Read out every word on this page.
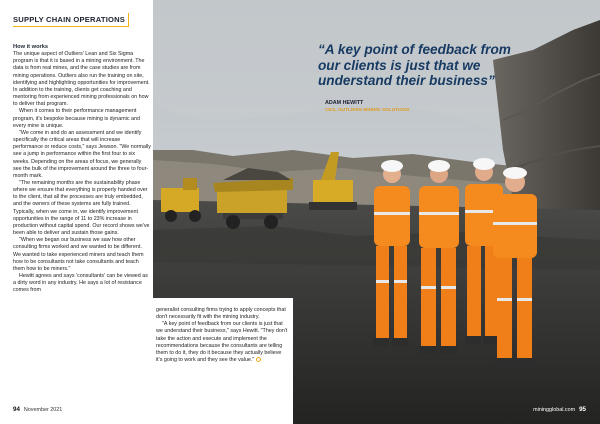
SUPPLY CHAIN OPERATIONS
How it works

The unique aspect of Outliers' Lean and Six Sigma program is that it is based in a mining environment. The data is from real mines, and the case studies are from mining operations. Outliers also run the training on site, identifying and highlighting opportunities for improvement. In addition to the training, clients get coaching and mentoring from experienced mining professionals on how to deliver that program.

When it comes to their performance management program, it's bespoke because mining is dynamic and every mine is unique.

"We come in and do an assessment and we identify specifically the critical areas that will increase performance or reduce costs," says Jewson. "We normally see a jump in performance within the first four to six weeks. Depending on the areas of focus, we generally see the bulk of the improvement around the three to four-month mark.

"The remaining months are the sustainability phase where we ensure that everything is properly handed over to the client, that all the processes are truly embedded, and the owners of these systems are fully trained. Typically, when we come in, we identify improvement opportunities in the range of 11 to 23% increase in production without capital spend. Our record shows we've been able to deliver and sustain those gains.

"When we began our business we saw how other consulting firms worked and we wanted to be different. We wanted to take experienced miners and teach them how to be consultants not take consultants and teach them how to be miners."

Hewitt agrees and says 'consultants' can be viewed as a dirty word in any industry. He says a lot of resistance comes from

94 November 2021

generalist consulting firms trying to apply concepts that don't necessarily fit with the mining industry.

"A key point of feedback from our clients is just that we understand their business," says Hewitt. "They don't take the action and execute and implement the recommendations because the consultants are telling them to do it, they do it because they actually believe it's going to work and they see the value."

“A key point of feedback from our clients is just that we understand their business”
ADAM HEWITT
CEO, OUTLIERS MINING SOLUTIONS
miningglobal.com 95
